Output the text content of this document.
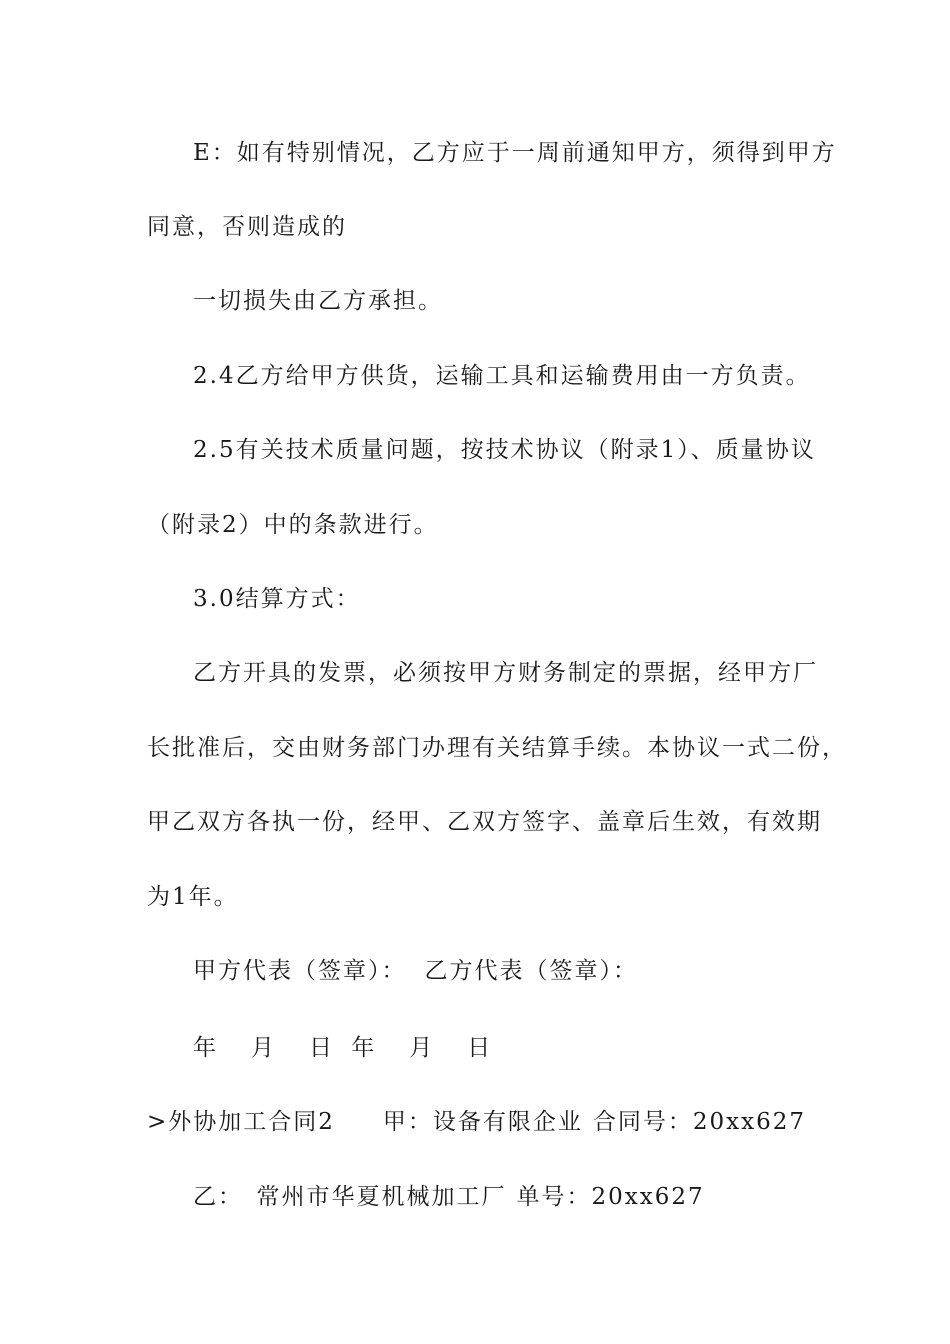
E：如有特别情况，乙方应于一周前通知甲方，须得到甲方
同意，否则造成的
一切损失由乙方承担。
2.4乙方给甲方供货，运输工具和运输费用由一方负责。
2.5有关技术质量问题，按技术协议（附录1）、质量协议
（附录2）中的条款进行。
3.0结算方式：
乙方开具的发票，必须按甲方财务制定的票据，经甲方厂
长批准后，交由财务部门办理有关结算手续。本协议一式二份，
甲乙双方各执一份，经甲、乙双方签字、盖章后生效，有效期
为1年。
甲方代表（签章）： 乙方代表（签章）：
年　月　日 年　月　日
>外协加工合同2 甲：设备有限企业 合同号：20xx627
乙：　常州市华夏机械加工厂 单号：20xx627
